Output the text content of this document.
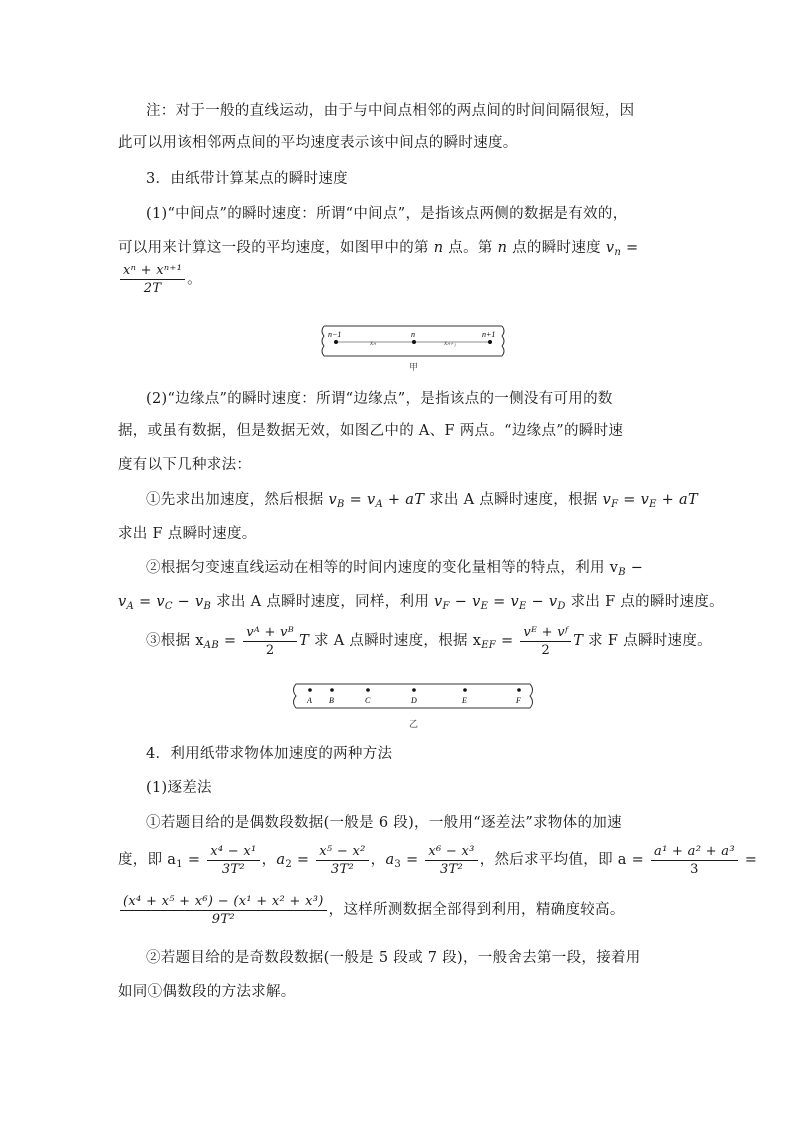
注：对于一般的直线运动，由于与中间点相邻的两点间的时间间隔很短，因
此可以用该相邻两点间的平均速度表示该中间点的瞬时速度。
3．由纸带计算某点的瞬时速度
(1)“中间点”的瞬时速度：所谓“中间点”，是指该点两侧的数据是有效的，
可以用来计算这一段的平均速度，如图甲中的第 n 点。第 n 点的瞬时速度 $v_n$ =
$\frac{\text{xⁿ + xⁿ⁺¹}}{2T}$ 。
n−1	n	n+1
xₙ	xₙ₊₁
甲
(2)“边缘点”的瞬时速度：所谓“边缘点”，是指该点的一侧没有可用的数
据，或虽有数据，但是数据无效，如图乙中的 A、F 两点。“边缘点”的瞬时速
度有以下几种求法：
①先求出加速度，然后根据 $v_B = v_A$ + aT 求出 A 点瞬时速度，根据 $v_F = v_E$ + aT
求出 F 点瞬时速度。
②根据匀变速直线运动在相等的时间内速度的变化量相等的特点，利用 $v_B$ −
$v_A = v_C - v_B$ 求出 A 点瞬时速度，同样，利用 $v_F - v_E = v_E - v_D$ 求出 F 点的瞬时速度。
③根据 $x_{AB} = \frac{\text{vᴬ + vᴮ}}{2}$ T 求 A 点瞬时速度，根据 $x_{EF} = \frac{\text{vᴱ + vᶠ}}{2}$ T 求 F 点瞬时速度。
A B	C	D	E	F
乙
4．利用纸带求物体加速度的两种方法
(1)逐差法
①若题目给的是偶数段数据(一般是 6 段)，一般用“逐差法”求物体的加速
度，即 $a_1 = \frac{\text{x⁴ − x¹}}{\text{3T²}}$ ，$a_2 = \frac{\text{x⁵ − x²}}{\text{3T²}}$ ，$a_3 = \frac{\text{x⁶ − x³}}{\text{3T²}}$ ，然后求平均值，即 $a = \frac{\text{a¹ + a² + a³}}{3}$ =
$\frac{\text{(x⁴ + x⁵ + x⁶) − (x¹ + x² + x³)}}{\text{9T²}}$ ，这样所测数据全部得到利用，精确度较高。
②若题目给的是奇数段数据(一般是 5 段或 7 段)，一般舍去第一段，接着用
如同①偶数段的方法求解。
